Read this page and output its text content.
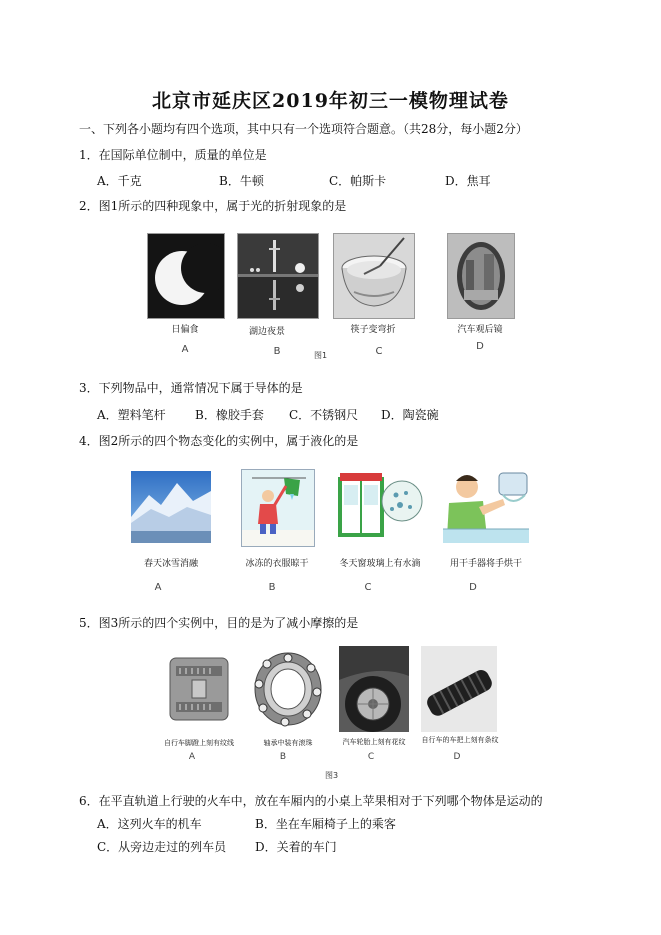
北京市延庆区2019年初三一模物理试卷
一、下列各小题均有四个选项，其中只有一个选项符合题意。（共28分，每小题2分）
1．在国际单位制中，质量的单位是
A．千克	B．牛顿	C．帕斯卡	D．焦耳
2．图1所示的四种现象中，属于光的折射现象的是
日偏食	湖边夜景	筷子变弯折	汽车观后镜
A	B	C	D
图1
3．下列物品中，通常情况下属于导体的是
A．塑料笔杆 B．橡胶手套 C．不锈钢尺 D．陶瓷碗
4．图2所示的四个物态变化的实例中，属于液化的是
春天冰雪消融	冰冻的衣服晾干	冬天窗玻璃上有水滴	用干手器将手烘干
A	B	C	D
5．图3所示的四个实例中，目的是为了减小摩擦的是
自行车脚蹬上刻有纹线	轴承中装有滚珠	汽车轮胎上刻有花纹	自行车的车把上刻有条纹
A	B	C	D
图3
6．在平直轨道上行驶的火车中，放在车厢内的小桌上苹果相对于下列哪个物体是运动的
A．这列火车的机车	B．坐在车厢椅子上的乘客
C．从旁边走过的列车员 D．关着的车门
